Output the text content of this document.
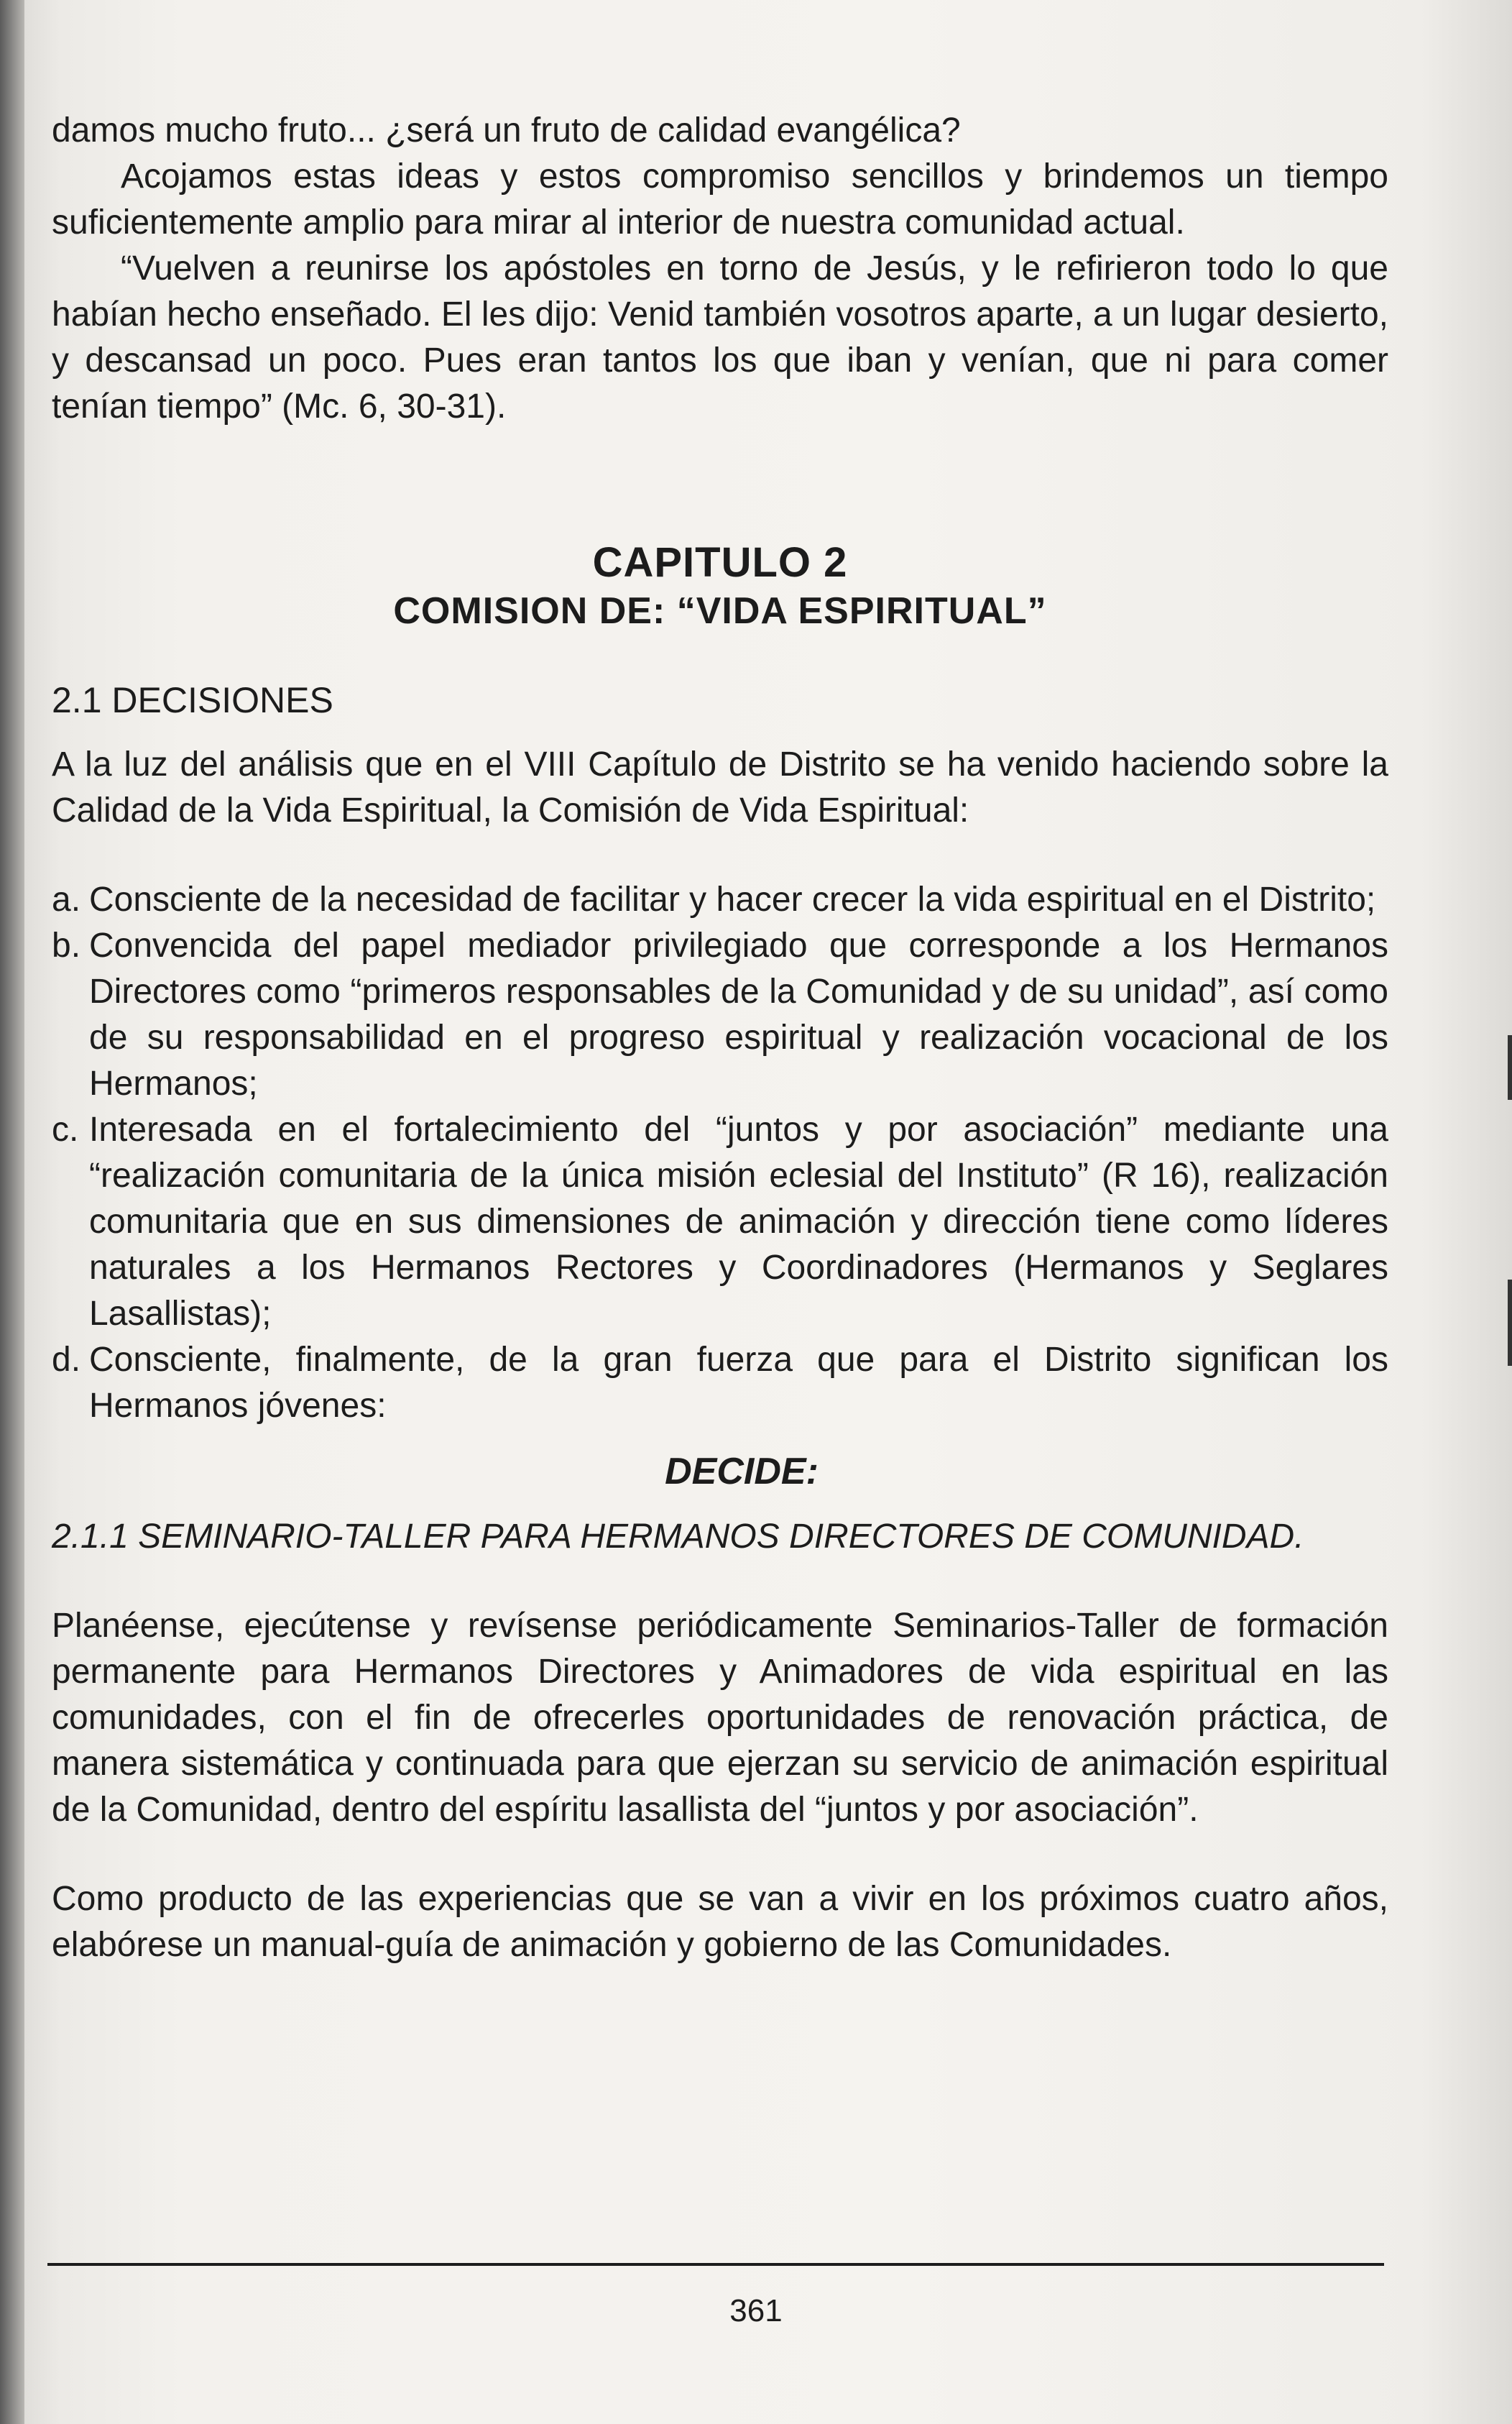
damos mucho fruto... ¿será un fruto de calidad evangélica?

Acojamos estas ideas y estos compromiso sencillos y brindemos un tiempo suficientemente amplio para mirar al interior de nuestra comunidad actual.

“Vuelven a reunirse los apóstoles en torno de Jesús, y le refirieron todo lo que habían hecho enseñado. El les dijo: Venid también vosotros aparte, a un lugar desierto, y descansad un poco. Pues eran tantos los que iban y venían, que ni para comer tenían tiempo” (Mc. 6, 30-31).

CAPITULO 2
COMISION DE: “VIDA ESPIRITUAL”
2.1 DECISIONES

A la luz del análisis que en el VIII Capítulo de Distrito se ha venido haciendo sobre la Calidad de la Vida Espiritual, la Comisión de Vida Espiritual:

a. Consciente de la necesidad de facilitar y hacer crecer la vida espiritual en el Distrito;
b. Convencida del papel mediador privilegiado que corresponde a los Hermanos Directores como “primeros responsables de la Comunidad y de su unidad”, así como de su responsabilidad en el progreso espiritual y realización vocacional de los Hermanos;
c. Interesada en el fortalecimiento del “juntos y por asociación” mediante una “realización comunitaria de la única misión eclesial del Instituto” (R 16), realización comunitaria que en sus dimensiones de animación y dirección tiene como líderes naturales a los Hermanos Rectores y Coordinadores (Hermanos y Seglares Lasallistas);
d. Consciente, finalmente, de la gran fuerza que para el Distrito significan los Hermanos jóvenes:
DECIDE:

2.1.1 SEMINARIO-TALLER PARA HERMANOS DIRECTORES DE COMUNIDAD.

Planéense, ejecútense y revísense periódicamente Seminarios-Taller de formación permanente para Hermanos Directores y Animadores de vida espiritual en las comunidades, con el fin de ofrecerles oportunidades de renovación práctica, de manera sistemática y continuada para que ejerzan su servicio de animación espiritual de la Comunidad, dentro del espíritu lasallista del “juntos y por asociación”.

Como producto de las experiencias que se van a vivir en los próximos cuatro años, elabórese un manual-guía de animación y gobierno de las Comunidades.

361
